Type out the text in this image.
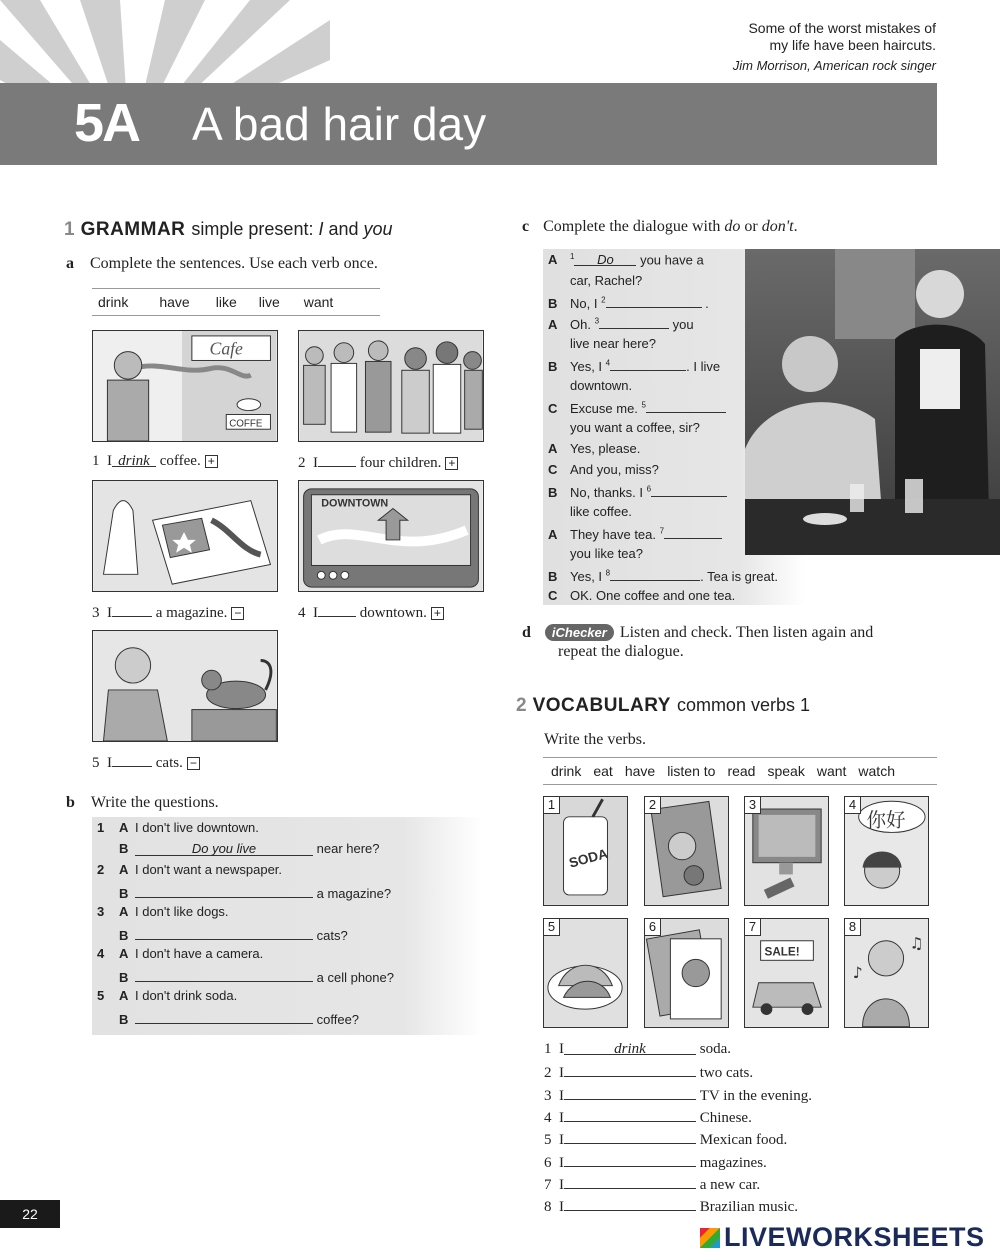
Some of the worst mistakes of
my life have been haircuts.
Jim Morrison, American rock singer
5A A bad hair day
1 GRAMMAR simple present: I and you
a Complete the sentences. Use each verb once.
drink have like live want
Cafe
COFFE
1 I drink coffee. +	2 I	four children. +
DOWNTOWN
3 I	a magazine. −	4 I	downtown. +
5 I	cats. −
b Write the questions.
1 A I don't live downtown.
B	Do you live	near here?
2 A I don't want a newspaper.
B	a magazine?
3 A I don't like dogs.
B	cats?
4 A I don't have a camera.
B	a cell phone?
5 A I don't drink soda.
B	coffee?
c Complete the dialogue with do or don't.
A $^1$ Do you have a
car, Rachel?
B No, I $^2$	.
A Oh. $^3$	you
live near here?
B Yes, I $^4$	. I live
downtown.
C Excuse me. $^5$
you want a coffee, sir?
A Yes, please.
C And you, miss?
B No, thanks. I $^6$
like coffee.
A They have tea. $^7$
you like tea?
B Yes, I $^8$	. Tea is great.
C OK. One coffee and one tea.
d iChecker Listen and check. Then listen again and
repeat the dialogue.
2 VOCABULARY common verbs 1
Write the verbs.
drink eat have listen to read speak want watch
SODA
1	2	3
你好
4
5	6
SALE!
7
♪
♫
8
1 I	drink	soda.
2 I	two cats.
3 I	TV in the evening.
4 I	Chinese.
5 I	Mexican food.
6 I	magazines.
7 I	a new car.
8 I	Brazilian music.
22
LIVEWORKSHEETS
